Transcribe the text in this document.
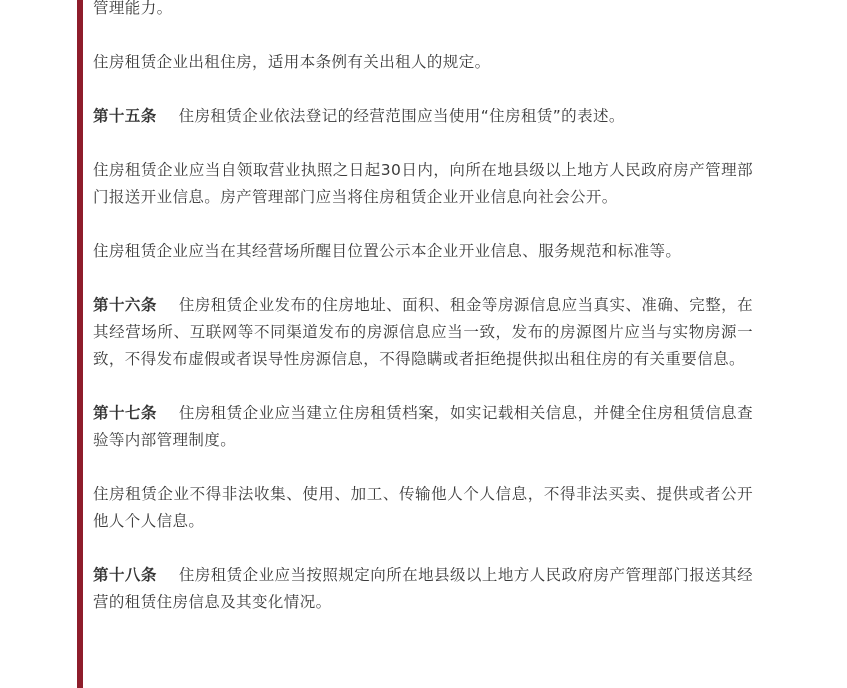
管理能力。

住房租赁企业出租住房，适用本条例有关出租人的规定。

第十五条 住房租赁企业依法登记的经营范围应当使用“住房租赁”的表述。

住房租赁企业应当自领取营业执照之日起30日内，向所在地县级以上地方人民政府房产管理部门报送开业信息。房产管理部门应当将住房租赁企业开业信息向社会公开。

住房租赁企业应当在其经营场所醒目位置公示本企业开业信息、服务规范和标准等。

第十六条 住房租赁企业发布的住房地址、面积、租金等房源信息应当真实、准确、完整，在其经营场所、互联网等不同渠道发布的房源信息应当一致，发布的房源图片应当与实物房源一致，不得发布虚假或者误导性房源信息，不得隐瞒或者拒绝提供拟出租住房的有关重要信息。

第十七条 住房租赁企业应当建立住房租赁档案，如实记载相关信息，并健全住房租赁信息查验等内部管理制度。

住房租赁企业不得非法收集、使用、加工、传输他人个人信息，不得非法买卖、提供或者公开他人个人信息。

第十八条 住房租赁企业应当按照规定向所在地县级以上地方人民政府房产管理部门报送其经营的租赁住房信息及其变化情况。
